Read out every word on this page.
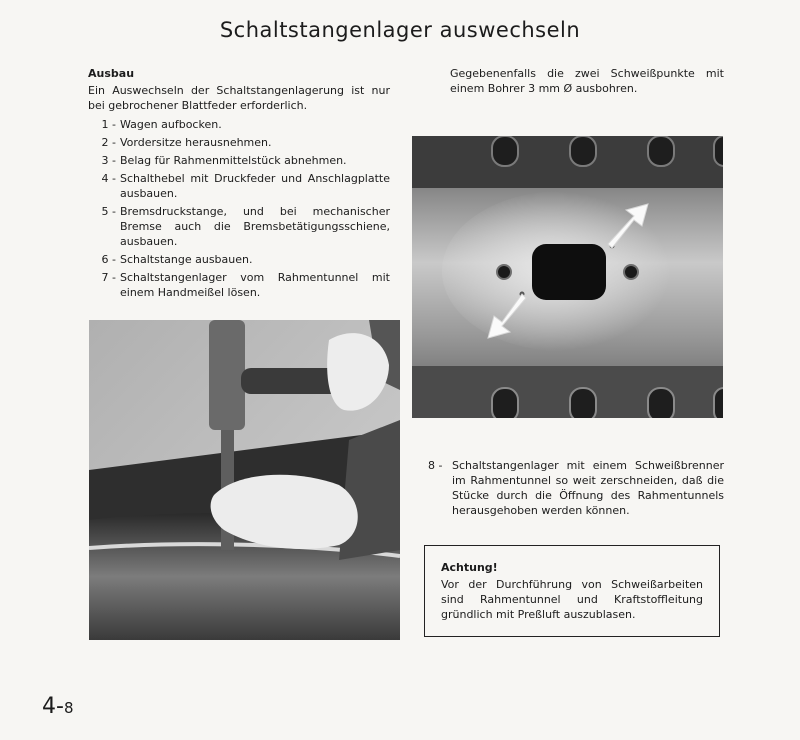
Schaltstangenlager auswechseln
Ausbau

Ein Auswechseln der Schaltstangenlagerung ist nur bei gebrochener Blattfeder erforderlich.

1 - Wagen aufbocken.
2 - Vordersitze herausnehmen.
3 - Belag für Rahmenmittelstück abnehmen.
4 - Schalthebel mit Druckfeder und Anschlagplatte ausbauen.
5 - Bremsdruckstange, und bei mechanischer Bremse auch die Bremsbetätigungsschiene, ausbauen.
6 - Schaltstange ausbauen.
7 - Schaltstangenlager vom Rahmentunnel mit einem Handmeißel lösen.
Gegebenenfalls die zwei Schweißpunkte mit einem Bohrer 3 mm Ø ausbohren.
8 - Schaltstangenlager mit einem Schweißbrenner im Rahmentunnel so weit zerschneiden, daß die Stücke durch die Öffnung des Rahmentunnels herausgehoben werden können.
Achtung!
Vor der Durchführung von Schweißarbeiten sind Rahmentunnel und Kraftstoffleitung gründlich mit Preßluft auszublasen.
4-8
